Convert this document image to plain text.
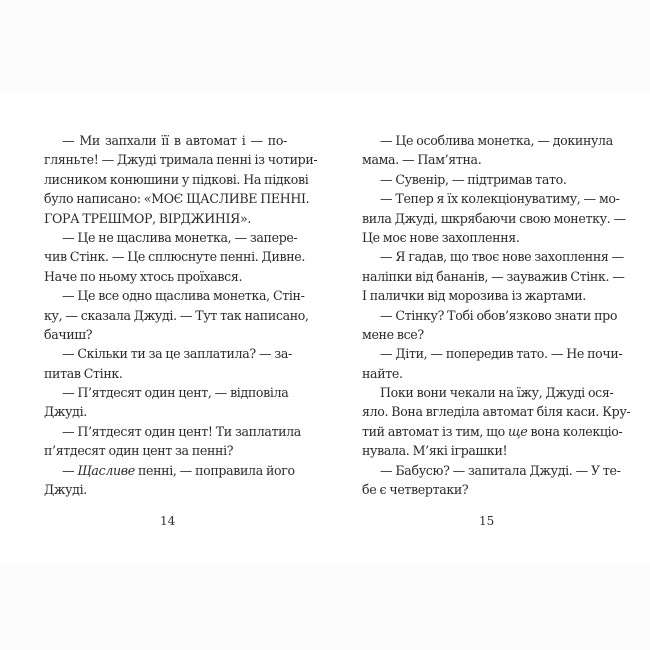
— Ми запхали її в автомат і — по-
гляньте! — Джуді тримала пенні із чотири-
лисником конюшини у підкові. На підкові
було написано: «МОЄ ЩАСЛИВЕ ПЕННІ.
ГОРА ТРЕШМОР, ВІРДЖИНІЯ».
— Це не щаслива монетка, — запере-
чив Стінк. — Це сплюснуте пенні. Дивне.
Наче по ньому хтось проїхався.
— Це все одно щаслива монетка, Стін-
ку, — сказала Джуді. — Тут так написано,
бачиш?
— Скільки ти за це заплатила? — за-
питав Стінк.
— П’ятдесят один цент, — відповіла
Джуді.
— П’ятдесят один цент! Ти заплатила
п’ятдесят один цент за пенні?
— Щасливе пенні, — поправила його
Джуді.
— Це особлива монетка, — докинула
мама. — Пам’ятна.
— Сувенір, — підтримав тато.
— Тепер я їх колекціонуватиму, — мо-
вила Джуді, шкрябаючи свою монетку. —
Це моє нове захоплення.
— Я гадав, що твоє нове захоплення —
наліпки від бананів, — зауважив Стінк. —
І палички від морозива із жартами.
— Стінку? Тобі обов’язково знати про
мене все?
— Діти, — попередив тато. — Не почи-
найте.
Поки вони чекали на їжу, Джуді ося-
яло. Вона вгледіла автомат біля каси. Кру-
тий автомат із тим, що ще вона колекціо-
нувала. М’які іграшки!
— Бабусю? — запитала Джуді. — У те-
бе є четвертаки?
14	15
